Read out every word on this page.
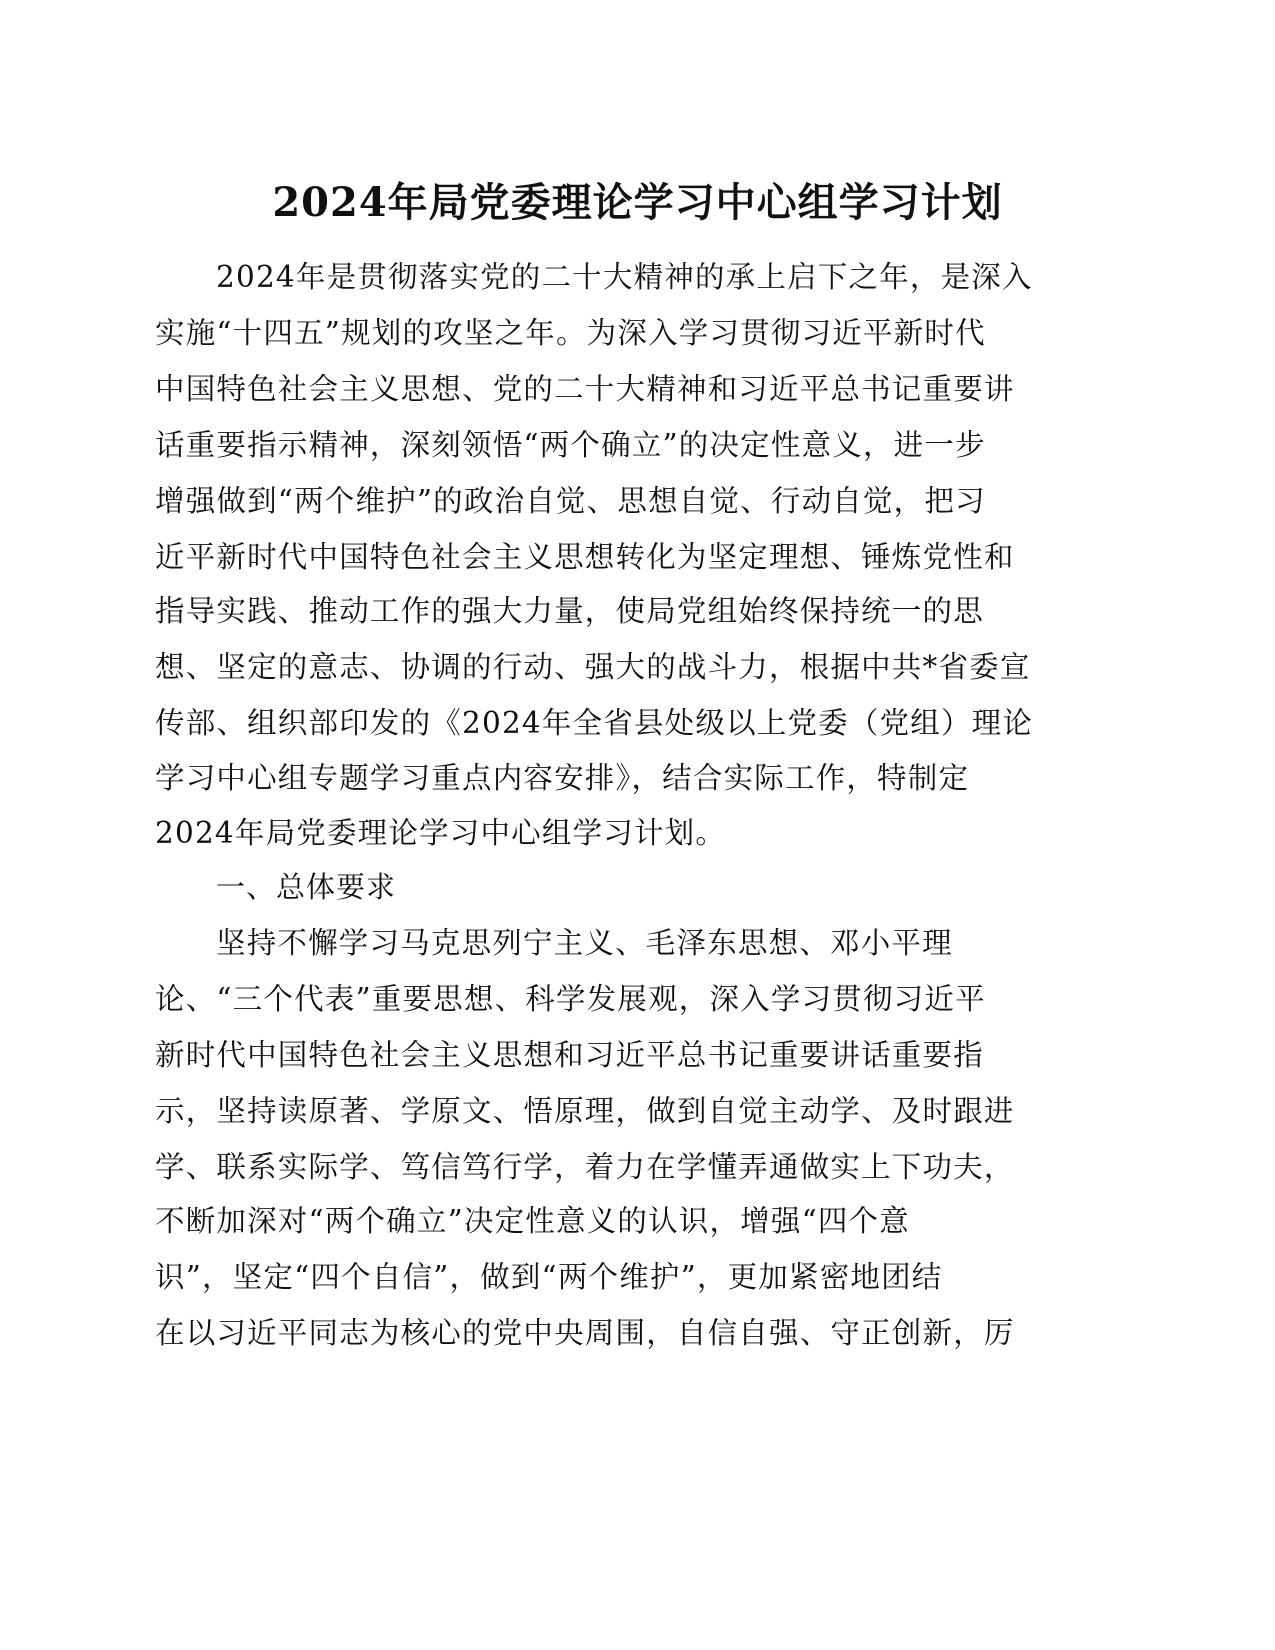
2024年局党委理论学习中心组学习计划
2024年是贯彻落实党的二十大精神的承上启下之年，是深入
实施“十四五”规划的攻坚之年。为深入学习贯彻习近平新时代
中国特色社会主义思想、党的二十大精神和习近平总书记重要讲
话重要指示精神，深刻领悟“两个确立”的决定性意义，进一步
增强做到“两个维护”的政治自觉、思想自觉、行动自觉，把习
近平新时代中国特色社会主义思想转化为坚定理想、锤炼党性和
指导实践、推动工作的强大力量，使局党组始终保持统一的思
想、坚定的意志、协调的行动、强大的战斗力，根据中共*省委宣
传部、组织部印发的《2024年全省县处级以上党委（党组）理论
学习中心组专题学习重点内容安排》，结合实际工作，特制定
2024年局党委理论学习中心组学习计划。
一、总体要求
坚持不懈学习马克思列宁主义、毛泽东思想、邓小平理
论、“三个代表”重要思想、科学发展观，深入学习贯彻习近平
新时代中国特色社会主义思想和习近平总书记重要讲话重要指
示，坚持读原著、学原文、悟原理，做到自觉主动学、及时跟进
学、联系实际学、笃信笃行学，着力在学懂弄通做实上下功夫，
不断加深对“两个确立”决定性意义的认识，增强“四个意
识”，坚定“四个自信”，做到“两个维护”，更加紧密地团结
在以习近平同志为核心的党中央周围，自信自强、守正创新，厉
